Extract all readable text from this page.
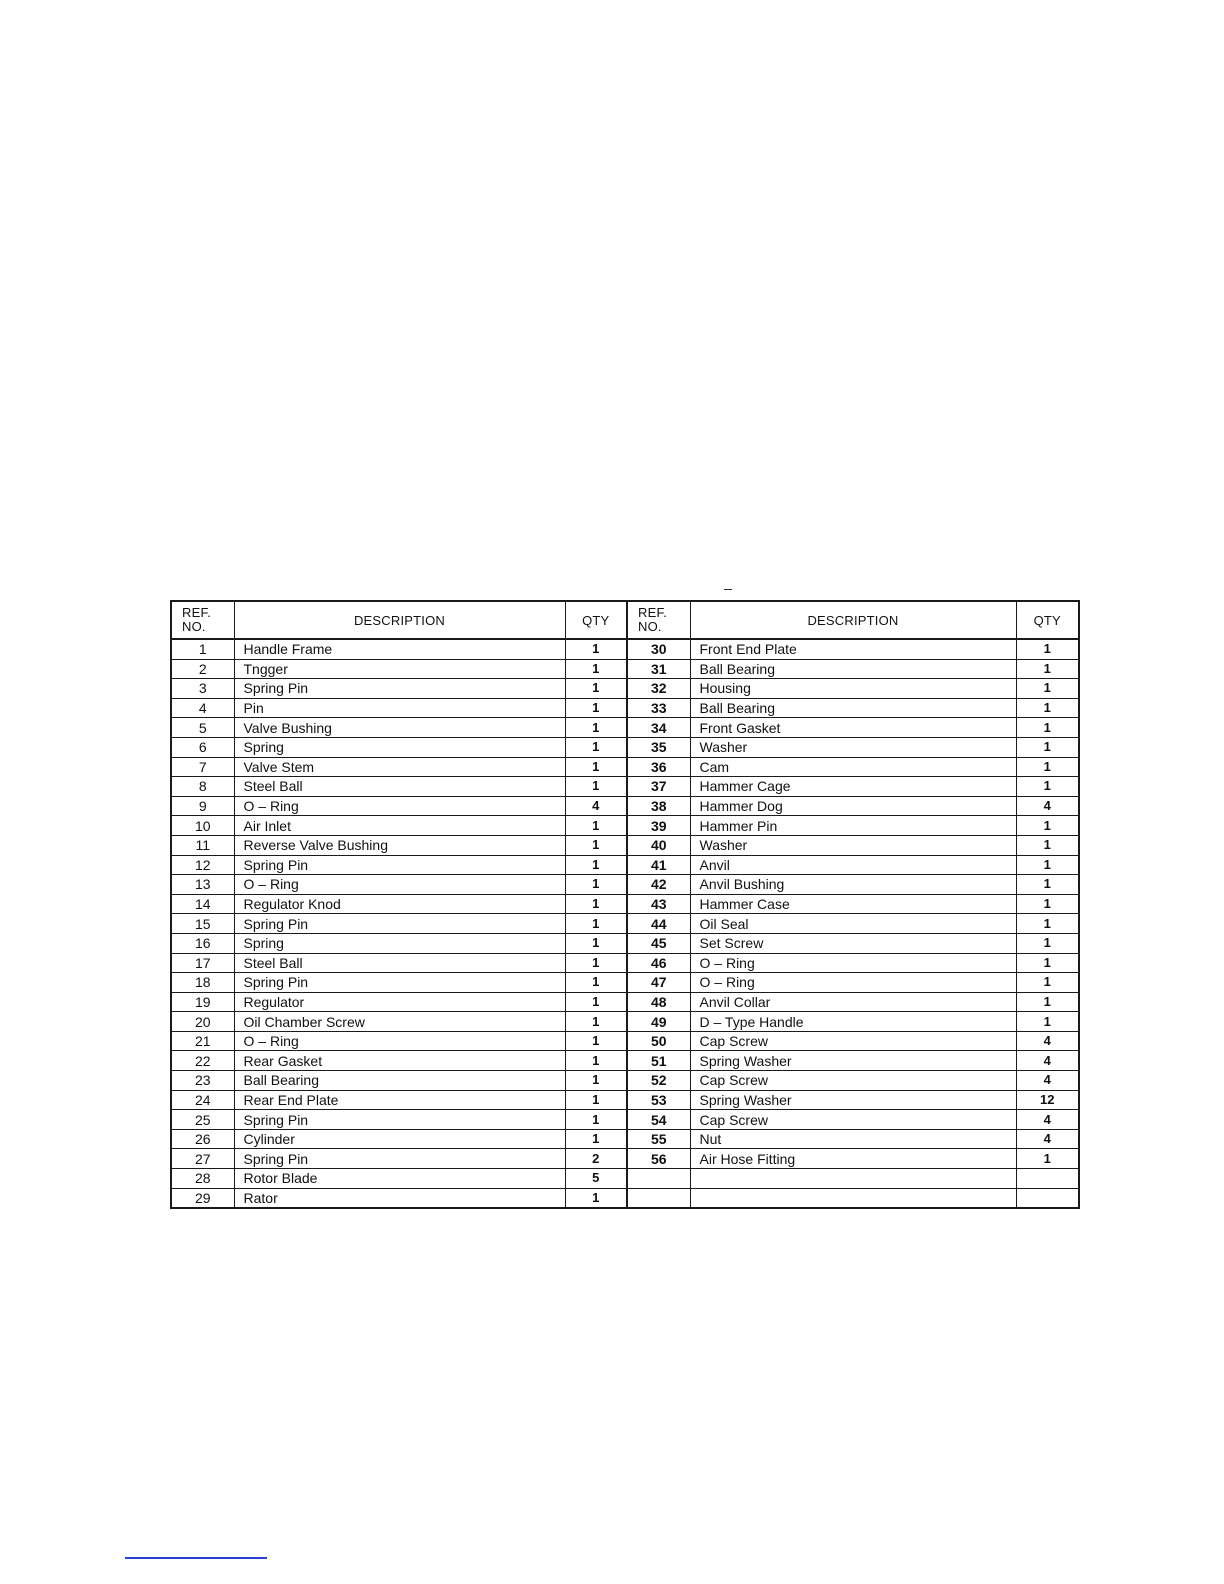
REF.
NO.	DESCRIPTION	QTY	REF.
NO.	DESCRIPTION	QTY
1	Handle Frame	1	30	Front End Plate	1
2	Tngger	1	31	Ball Bearing	1
3	Spring Pin	1	32	Housing	1
4	Pin	1	33	Ball Bearing	1
5	Valve Bushing	1	34	Front Gasket	1
6	Spring	1	35	Washer	1
7	Valve Stem	1	36	Cam	1
8	Steel Ball	1	37	Hammer Cage	1
9	O – Ring	4	38	Hammer Dog	4
10	Air Inlet	1	39	Hammer Pin	1
11	Reverse Valve Bushing	1	40	Washer	1
12	Spring Pin	1	41	Anvil	1
13	O – Ring	1	42	Anvil Bushing	1
14	Regulator Knod	1	43	Hammer Case	1
15	Spring Pin	1	44	Oil Seal	1
16	Spring	1	45	Set Screw	1
17	Steel Ball	1	46	O – Ring	1
18	Spring Pin	1	47	O – Ring	1
19	Regulator	1	48	Anvil Collar	1
20	Oil Chamber Screw	1	49	D – Type Handle	1
21	O – Ring	1	50	Cap Screw	4
22	Rear Gasket	1	51	Spring Washer	4
23	Ball Bearing	1	52	Cap Screw	4
24	Rear End Plate	1	53	Spring Washer	12
25	Spring Pin	1	54	Cap Screw	4
26	Cylinder	1	55	Nut	4
27	Spring Pin	2	56	Air Hose Fitting	1
28	Rotor Blade	5			
29	Rator	1			
